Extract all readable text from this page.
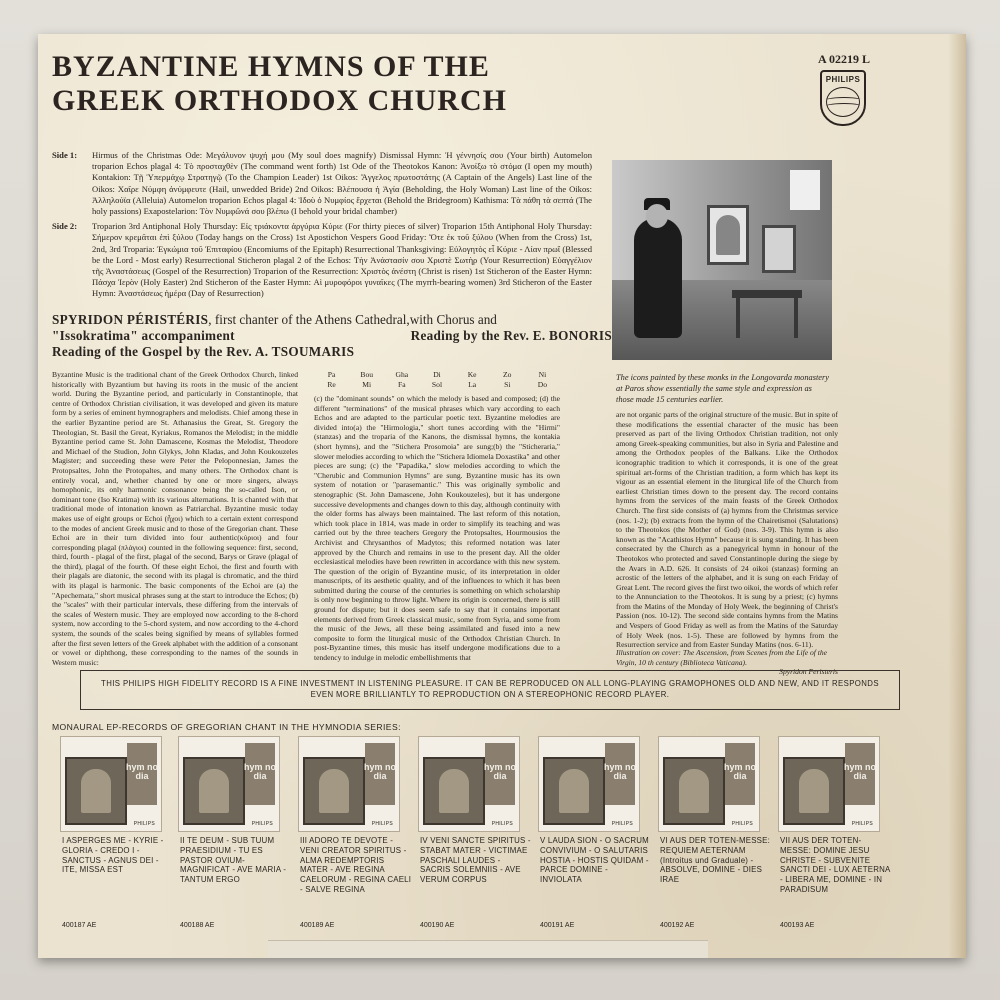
BYZANTINE HYMNS OF THE
GREEK ORTHODOX CHURCH
A 02219 L
PHILIPS
Side 1:	Hirmus of the Christmas Ode: Μεγάλυνον ψυχή μου (My soul does magnify) Dismissal Hymn: Ἡ γέννησίς σου (Your birth) Automelon troparion Echos plagal 4: Τὸ προσταχθὲν (The command went forth) 1st Ode of the Theotokos Kanon: Ἀνοίξω τὸ στόμα (I open my mouth) Kontakion: Τῇ Ὑπερμάχῳ Στρατηγῷ (To the Champion Leader) 1st Oikos: Ἄγγελος πρωτοστάτης (A Captain of the Angels) Last line of the Oikos: Χαῖρε Νύμφη ἀνύμφευτε (Hail, unwedded Bride) 2nd Oikos: Βλέπουσα ἡ Ἁγία (Beholding, the Holy Woman) Last line of the Oikos: Ἀλληλούϊα (Alleluia) Automelon troparion Echos plagal 4: Ἰδοὺ ὁ Νυμφίος ἔρχεται (Behold the Bridegroom) Kathisma: Τὰ πάθη τὰ σεπτά (The holy passions) Exapostelarion: Τὸν Νυμφῶνά σου βλέπω (I behold your bridal chamber)
Side 2:	Troparion 3rd Antiphonal Holy Thursday: Εἰς τριάκοντα ἀργύρια Κύριε (For thirty pieces of silver) Troparion 15th Antiphonal Holy Thursday: Σήμερον κρεμᾶται ἐπὶ ξύλου (Today hangs on the Cross) 1st Apostichon Vespers Good Friday: Ὅτε ἐκ τοῦ ξύλου (When from the Cross) 1st, 2nd, 3rd Troparia: Ἐγκώμια τοῦ Ἐπιταφίου (Encomiums of the Epitaph) Resurrectional Thanksgiving: Εὐλογητὸς εἶ Κύριε - Λίαν πρωΐ (Blessed be the Lord - Most early) Resurrectional Sticheron plagal 2 of the Echos: Τὴν Ἀνάστασίν σου Χριστὲ Σωτὴρ (Your Resurrection) Εὐαγγέλιον τῆς Ἀναστάσεως (Gospel of the Resurrection) Troparion of the Resurrection: Χριστὸς ἀνέστη (Christ is risen) 1st Sticheron of the Easter Hymn: Πάσχα Ἱερὸν (Holy Easter) 2nd Sticheron of the Easter Hymn: Αἱ μυροφόροι γυναῖκες (The myrrh-bearing women) 3rd Sticheron of the Easter Hymn: Ἀναστάσεως ἡμέρα (Day of Resurrection)
The icons painted by these monks in the Longovarda monastery at Paros show essentially the same style and expression as those made 15 centuries earlier.
SPYRIDON PÉRISTÉRIS, first chanter of the Athens Cathedral,with Chorus and
"Issokratima" accompaniment	Reading by the Rev. E. BONORIS
Reading of the Gospel by the Rev. A. TSOUMARIS
Byzantine Music is the traditional chant of the Greek Orthodox Church, linked historically with Byzantium but having its roots in the music of the ancient world. During the Byzantine period, and particularly in Constantinople, that centre of Orthodox Christian civilisation, it was developed and given its mature form by a series of eminent hymnographers and melodists. Chief among these in the earlier Byzantine period are St. Athanasius the Great, St. Gregory the Theologian, St. Basil the Great, Kyriakus, Romanos the Melodist; in the middle Byzantine period came St. John Damascene, Kosmas the Melodist, Theodore and Michael of the Studion, John Glykys, John Kladas, and John Koukouzeles Magister; and succeeding these were Peter the Peloponnesian, James the Protopsaltes, John the Protopaltes, and many others. The Orthodox chant is entirely vocal, and, whether chanted by one or more singers, always homophonic, its only harmonic consonance being the so-called Ison, or dominant tone (Iso Kratima) with its various alternations. It is chanted with that traditional mode of intonation known as Patriarchal. Byzantine music today makes use of eight groups or Echoi (ἦχοι) which to a certain extent correspond to the modes of ancient Greek music and to those of the Gregorian chant. These Echoi are in their turn divided into four authentic(κύριοι) and four corresponding plagal (πλάγιοι) counted in the following sequence: first, second, third, fourth - plagal of the first, plagal of the second, Barys or Grave (plagal of the third), plagal of the fourth. Of these eight Echoi, the first and fourth with their plagals are diatonic, the second with its plagal is chromatic, and the third with its plagal is harmonic. The basic components of the Echoi are (a) the "Apechemata," short musical phrases sung at the start to introduce the Echos; (b) the "scales" with their particular intervals, these differing from the intervals of the scales of Western music. They are employed now according to the 8-chord system, now according to the 5-chord system, and now according to the 4-chord system, the sounds of the scales being signified by means of syllables formed after the first seven letters of the Greek alphabet with the addition of a consonant or vowel or diphthong, these corresponding to the names of the sounds in Western music:
Pa	Bou	Gha	Di	Ke	Zo	Ni
Re	Mi	Fa	Sol	La	Si	Do
(c) the "dominant sounds" on which the melody is based and composed; (d) the different "terminations" of the musical phrases which vary according to each Echos and are adapted to the particular poetic text. Byzantine melodies are divided into(a) the "Hirmologia," short tunes according with the "Hirmi" (stanzas) and the troparia of the Kanons, the dismissal hymns, the kontakia (short hymns), and the "Stichera Prosomoia" are sung;(b) the "Sticheraria," slower melodies according to which the "Stichera Idiomela Doxastika" and other pieces are sung; (c) the "Papadika," slow melodies according to which the "Cherubic and Communion Hymns" are sung. Byzantine music has its own system of notation or "parasemantic." This was originally symbolic and stenographic (St. John Damascene, John Koukouzeles), but it has undergone successive developments and changes down to this day, although continuity with the older forms has always been maintained. The last reform of this notation, which took place in 1814, was made in order to simplify its teaching and was carried out by the three teachers Gregory the Protopsaltes, Hourmousios the Archivist and Chrysanthos of Madytos; this reformed notation was later approved by the Church and remains in use to the present day. All the older ecclesiastical melodies have been rewritten in accordance with this new system. The question of the origin of Byzantine music, of its interpretation in older manuscripts, of its aesthetic quality, and of the influences to which it has been submitted during the course of the centuries is something on which scholarship is only now beginning to throw light. Where its origin is concerned, there is still ground for dispute; but it does seem safe to say that it contains important elements derived from Greek classical music, some from Syria, and some from the music of the Jews, all these being assimilated and fused into a new composite to form the liturgical music of the Orthodox Christian Church. In post-Byzantine times, this music has itself undergone modifications due to a tendency to indulge in melodic embellishments that
are not organic parts of the original structure of the music. But in spite of these modifications the essential character of the music has been preserved as part of the living Orthodox Christian tradition, not only among Greek-speaking communities, but also in Syria and Palestine and among the Orthodox peoples of the Balkans. Like the Orthodox iconographic tradition to which it corresponds, it is one of the great spiritual art-forms of the Christian tradition, a form which has kept its vigour as an essential element in the liturgical life of the Church from earliest Christian times down to the present day. The record contains hymns from the services of the main feasts of the Greek Orthodox Church. The first side consists of (a) hymns from the Christmas service (nos. 1-2); (b) extracts from the hymn of the Chairetismoi (Salutations) to the Theotokos (the Mother of God) (nos. 3-9). This hymn is also known as the "Acathistos Hymn" because it is sung standing. It has been consecrated by the Church as a panegyrical hymn in honour of the Theotokos who protected and saved Constantinople during the siege by the Avars in A.D. 626. It consists of 24 oikoi (stanzas) forming an acrostic of the letters of the alphabet, and it is sung on each Friday of Great Lent. The record gives the first two oikoi, the words of which refer to the Annunciation to the Theotokos. It is sung by a priest; (c) hymns from the Matins of the Monday of Holy Week, the beginning of Christ's Passion (nos. 10-12). The second side contains hymns from the Matins and Vespers of Good Friday as well as from the Matins of the Saturday of Holy Week (nos. 1-5). These are followed by hymns from the Resurrection service and from Easter Sunday Matins (nos. 6-11).
Illustration on cover: The Ascension, from Scenes from the Life of the Virgin, 10 th century (Biblioteca Vaticana).
Spyridon Peristeris
THIS PHILIPS HIGH FIDELITY RECORD IS A FINE INVESTMENT IN LISTENING PLEASURE. IT CAN BE REPRODUCED ON ALL LONG-PLAYING GRAMOPHONES OLD AND NEW, AND IT RESPONDS EVEN MORE BRILLIANTLY TO REPRODUCTION ON A STEREOPHONIC RECORD PLAYER.
MONAURAL EP-RECORDS OF GREGORIAN CHANT IN THE HYMNODIA SERIES:
hym no dia
PHILIPS
I ASPERGES ME - KYRIE - GLORIA - CREDO I - SANCTUS - AGNUS DEI - ITE, MISSA EST
400187 AE
hym no dia
PHILIPS
II TE DEUM - SUB TUUM PRAESIDIUM - TU ES PASTOR OVIUM-MAGNIFICAT - AVE MARIA - TANTUM ERGO
400188 AE
hym no dia
PHILIPS
III ADORO TE DEVOTE - VENI CREATOR SPIRITUS - ALMA REDEMPTORIS MATER - AVE REGINA CAELORUM - REGINA CAELI - SALVE REGINA
400189 AE
hym no dia
PHILIPS
IV VENI SANCTE SPIRITUS - STABAT MATER - VICTIMAE PASCHALI LAUDES - SACRIS SOLEMNIIS - AVE VERUM CORPUS
400190 AE
hym no dia
PHILIPS
V LAUDA SION - O SACRUM CONVIVIUM - O SALUTARIS HOSTIA - HOSTIS QUIDAM - PARCE DOMINE - INVIOLATA
400191 AE
hym no dia
PHILIPS
VI AUS DER TOTEN-MESSE: REQUIEM AETERNAM (Introitus und Graduale) - ABSOLVE, DOMINE - DIES IRAE
400192 AE
hym no dia
PHILIPS
VII AUS DER TOTEN-MESSE: DOMINE JESU CHRISTE - SUBVENITE SANCTI DEI - LUX AETERNA - LIBERA ME, DOMINE - IN PARADISUM
400193 AE
